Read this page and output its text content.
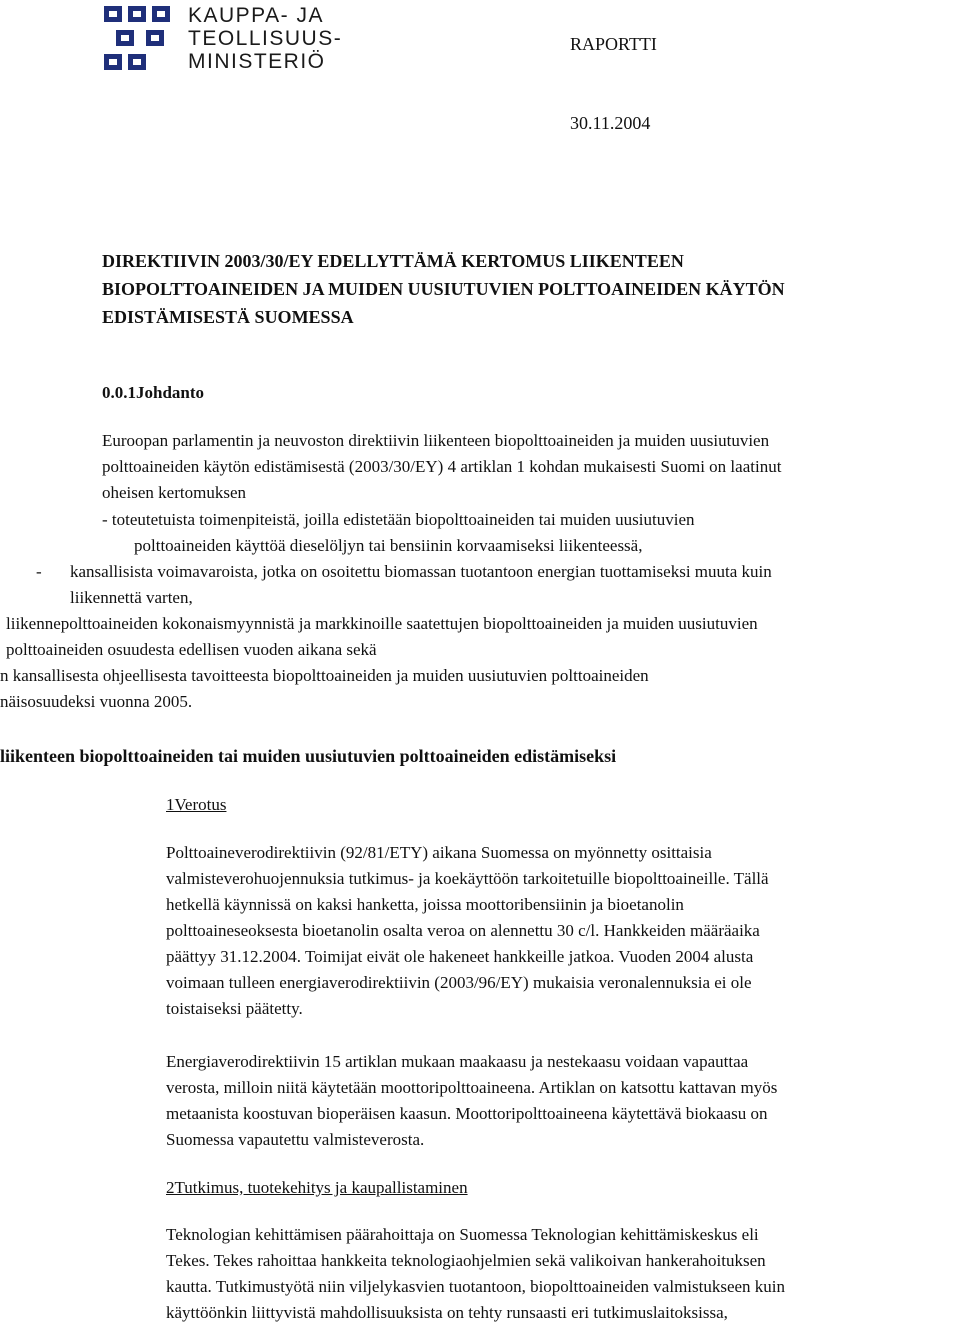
KAUPPA- JA
TEOLLISUUS-
MINISTERIÖ
RAPORTTI
30.11.2004
DIREKTIIVIN 2003/30/EY EDELLYTTÄMÄ KERTOMUS LIIKENTEEN
BIOPOLTTOAINEIDEN JA MUIDEN UUSIUTUVIEN POLTTOAINEIDEN KÄYTÖN
EDISTÄMISESTÄ SUOMESSA
0.0.1Johdanto
Euroopan parlamentin ja neuvoston direktiivin liikenteen biopolttoaineiden ja muiden uusiutuvien
polttoaineiden käytön edistämisestä (2003/30/EY) 4 artiklan 1 kohdan mukaisesti Suomi on laatinut
oheisen kertomuksen
- toteutetuista toimenpiteistä, joilla edistetään biopolttoaineiden tai muiden uusiutuvien
polttoaineiden käyttöä dieselöljyn tai bensiinin korvaamiseksi liikenteessä,
- kansallisista voimavaroista, jotka on osoitettu biomassan tuotantoon energian tuottamiseksi muuta kuin
liikennettä varten,
liikennepolttoaineiden kokonaismyynnistä ja markkinoille saatettujen biopolttoaineiden ja muiden uusiutuvien
polttoaineiden osuudesta edellisen vuoden aikana sekä
n kansallisesta ohjeellisesta tavoitteesta biopolttoaineiden ja muiden uusiutuvien polttoaineiden
näisosuudeksi vuonna 2005.
liikenteen biopolttoaineiden tai muiden uusiutuvien polttoaineiden edistämiseksi
1Verotus
Polttoaineverodirektiivin (92/81/ETY) aikana Suomessa on myönnetty osittaisia
valmisteverohuojennuksia tutkimus- ja koekäyttöön tarkoitetuille biopolttoaineille. Tällä
hetkellä käynnissä on kaksi hanketta, joissa moottoribensiinin ja bioetanolin
polttoaineseoksesta bioetanolin osalta veroa on alennettu 30 c/l. Hankkeiden määräaika
päättyy 31.12.2004. Toimijat eivät ole hakeneet hankkeille jatkoa. Vuoden 2004 alusta
voimaan tulleen energiaverodirektiivin (2003/96/EY) mukaisia veronalennuksia ei ole
toistaiseksi päätetty.
Energiaverodirektiivin 15 artiklan mukaan maakaasu ja nestekaasu voidaan vapauttaa
verosta, milloin niitä käytetään moottoripolttoaineena. Artiklan on katsottu kattavan myös
metaanista koostuvan bioperäisen kaasun. Moottoripolttoaineena käytettävä biokaasu on
Suomessa vapautettu valmisteverosta.
2Tutkimus, tuotekehitys ja kaupallistaminen
Teknologian kehittämisen päärahoittaja on Suomessa Teknologian kehittämiskeskus eli
Tekes. Tekes rahoittaa hankkeita teknologiaohjelmien sekä valikoivan hankerahoituksen
kautta. Tutkimustyötä niin viljelykasvien tuotantoon, biopolttoaineiden valmistukseen kuin
käyttöönkin liittyvistä mahdollisuuksista on tehty runsaasti eri tutkimuslaitoksissa,
